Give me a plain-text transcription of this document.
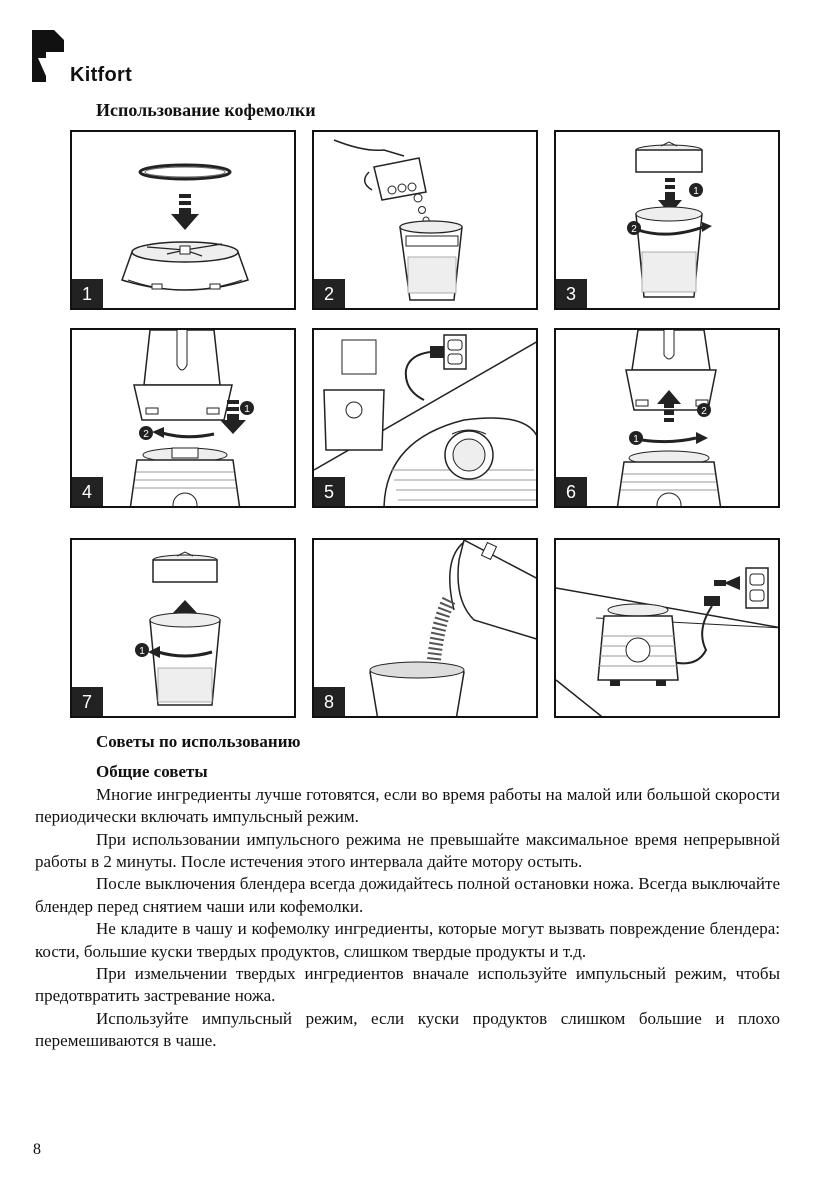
Kitfort
Использование кофемолки
1	2
1
2
3
1
2
4	5
2
1
6
1
7	8
Советы по использованию
Общие советы
Многие ингредиенты лучше готовятся, если во время работы на малой или большой скорости периодически включать импульсный режим.
При использовании импульсного режима не превышайте максимальное время непрерывной работы в 2 минуты. После истечения этого интервала дайте мотору остыть.
После выключения блендера всегда дожидайтесь полной остановки ножа. Всегда выключайте блендер перед снятием чаши или кофемолки.
Не кладите в чашу и кофемолку ингредиенты, которые могут вызвать повреждение блендера: кости, большие куски твердых продуктов, слишком твердые продукты и т.д.
При измельчении твердых ингредиентов вначале используйте импульсный режим, чтобы предотвратить застревание ножа.
Используйте импульсный режим, если куски продуктов слишком большие и плохо перемешиваются в чаше.
8
